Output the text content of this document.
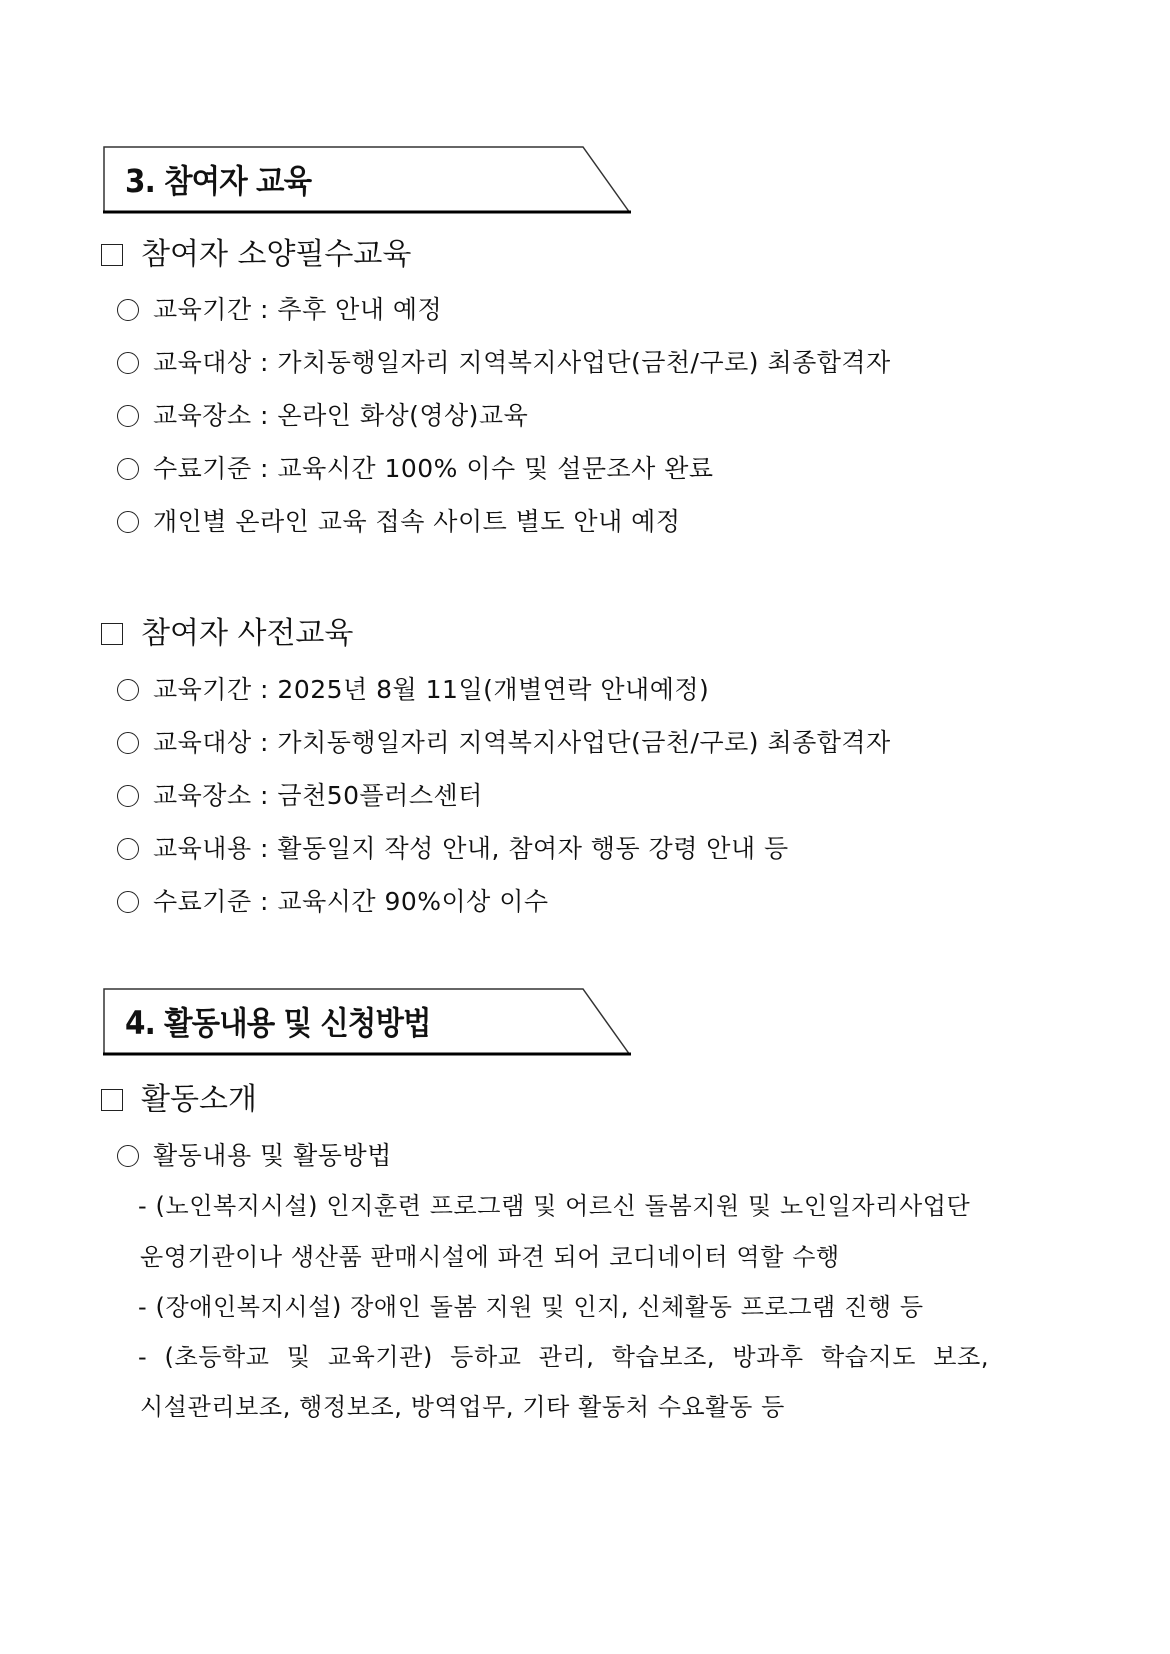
3. 참여자 교육
참여자 소양필수교육
교육기간 : 추후 안내 예정
교육대상 : 가치동행일자리 지역복지사업단(금천/구로) 최종합격자
교육장소 : 온라인 화상(영상)교육
수료기준 : 교육시간 100% 이수 및 설문조사 완료
개인별 온라인 교육 접속 사이트 별도 안내 예정
참여자 사전교육
교육기간 : 2025년 8월 11일(개별연락 안내예정)
교육대상 : 가치동행일자리 지역복지사업단(금천/구로) 최종합격자
교육장소 : 금천50플러스센터
교육내용 : 활동일지 작성 안내, 참여자 행동 강령 안내 등
수료기준 : 교육시간 90%이상 이수
4. 활동내용 및 신청방법
활동소개
활동내용 및 활동방법
- (노인복지시설) 인지훈련 프로그램 및 어르신 돌봄지원 및 노인일자리사업단
운영기관이나 생산품 판매시설에 파견 되어 코디네이터 역할 수행
- (장애인복지시설) 장애인 돌봄 지원 및 인지, 신체활동 프로그램 진행 등
- (초등학교 및 교육기관) 등하교 관리, 학습보조, 방과후 학습지도 보조,
시설관리보조, 행정보조, 방역업무, 기타 활동처 수요활동 등
